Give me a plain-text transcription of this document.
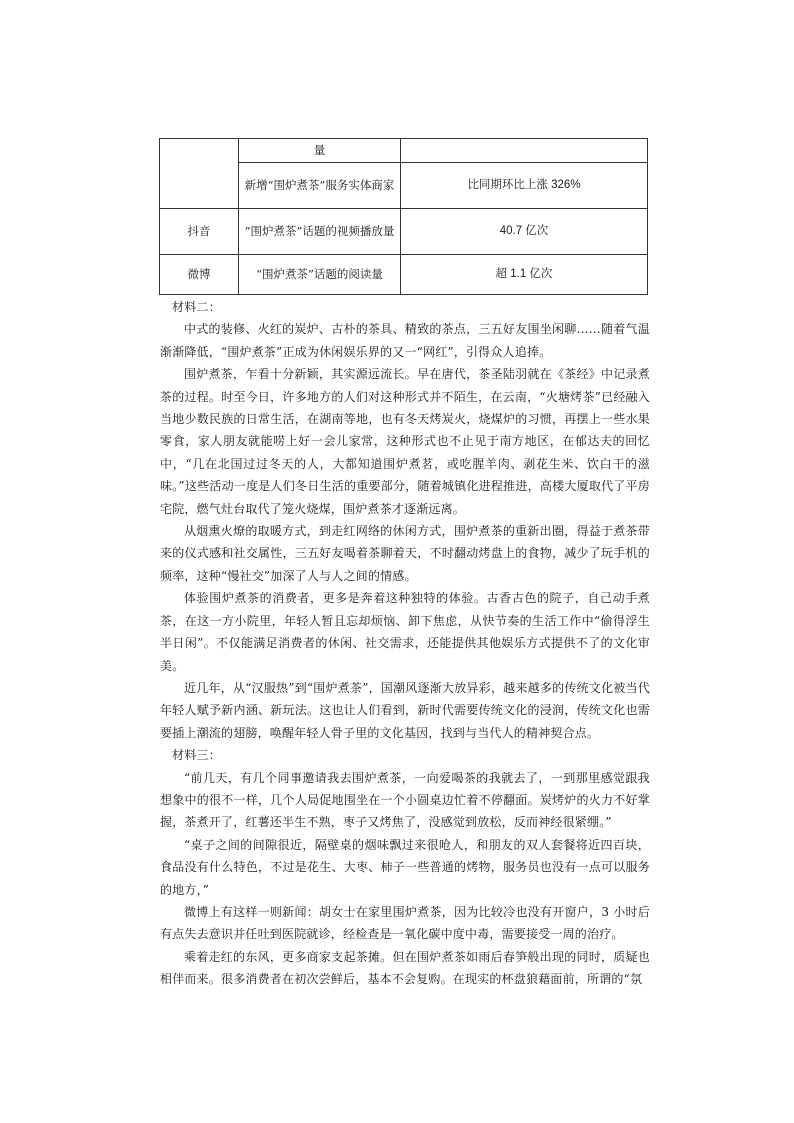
	量	
	新增“围炉煮茶”服务实体商家	比同期环比上涨 326%
抖音	“围炉煮茶”话题的视频播放量	40.7 亿次
微博	“围炉煮茶”话题的阅读量	超 1.1 亿次

材料二：

中式的装修、火红的炭炉、古朴的茶具、精致的茶点，三五好友围坐闲聊……随着气温渐渐降低，“围炉煮茶”正成为休闲娱乐界的又一“网红”，引得众人追捧。

围炉煮茶，乍看十分新颖，其实源远流长。早在唐代，茶圣陆羽就在《茶经》中记录煮茶的过程。时至今日，许多地方的人们对这种形式并不陌生，在云南，“火塘烤茶”已经融入当地少数民族的日常生活，在湖南等地，也有冬天烤炭火，烧煤炉的习惯，再摆上一些水果零食，家人朋友就能唠上好一会儿家常，这种形式也不止见于南方地区，在郁达夫的回忆中，“几在北国过过冬天的人，大都知道围炉煮茗，或吃腥羊肉、剥花生米、饮白干的滋味。”这些活动一度是人们冬日生活的重要部分，随着城镇化进程推进，高楼大厦取代了平房宅院，燃气灶台取代了笼火烧煤，围炉煮茶才逐渐远离。

从烟熏火燎的取暖方式，到走红网络的休闲方式，围炉煮茶的重新出圈，得益于煮茶带来的仪式感和社交属性，三五好友喝着茶聊着天，不时翻动烤盘上的食物，减少了玩手机的频率，这种“慢社交”加深了人与人之间的情感。

体验围炉煮茶的消费者，更多是奔着这种独特的体验。古香古色的院子，自己动手煮茶，在这一方小院里，年轻人暂且忘却烦恼、卸下焦虑，从快节奏的生活工作中“偷得浮生半日闲”。不仅能满足消费者的休闲、社交需求，还能提供其他娱乐方式提供不了的文化审美。

近几年，从“汉服热”到“围炉煮茶”，国潮风逐渐大放异彩，越来越多的传统文化被当代年轻人赋予新内涵、新玩法。这也让人们看到，新时代需要传统文化的浸润，传统文化也需要插上潮流的翅膀，唤醒年轻人骨子里的文化基因，找到与当代人的精神契合点。

材料三：

“前几天，有几个同事邀请我去围炉煮茶，一向爱喝茶的我就去了，一到那里感觉跟我想象中的很不一样，几个人局促地围坐在一个小圆桌边忙着不停翻面。炭烤炉的火力不好掌握，茶煮开了，红薯还半生不熟，枣子又烤焦了，没感觉到放松，反而神经很紧绷。”

“桌子之间的间隙很近，隔壁桌的烟味飘过来很呛人，和朋友的双人套餐将近四百块，食品没有什么特色，不过是花生、大枣、柿子一些普通的烤物，服务员也没有一点可以服务的地方，”

微博上有这样一则新闻：胡女士在家里围炉煮茶，因为比较冷也没有开窗户，3 小时后有点失去意识并任吐到医院就诊，经检查是一氧化碳中度中毒，需要接受一周的治疗。

乘着走红的东风，更多商家支起茶摊。但在围炉煮茶如雨后春笋般出现的同时，质疑也相伴而来。很多消费者在初次尝鲜后，基本不会复购。在现实的杯盘狼藉面前，所谓的“氛
